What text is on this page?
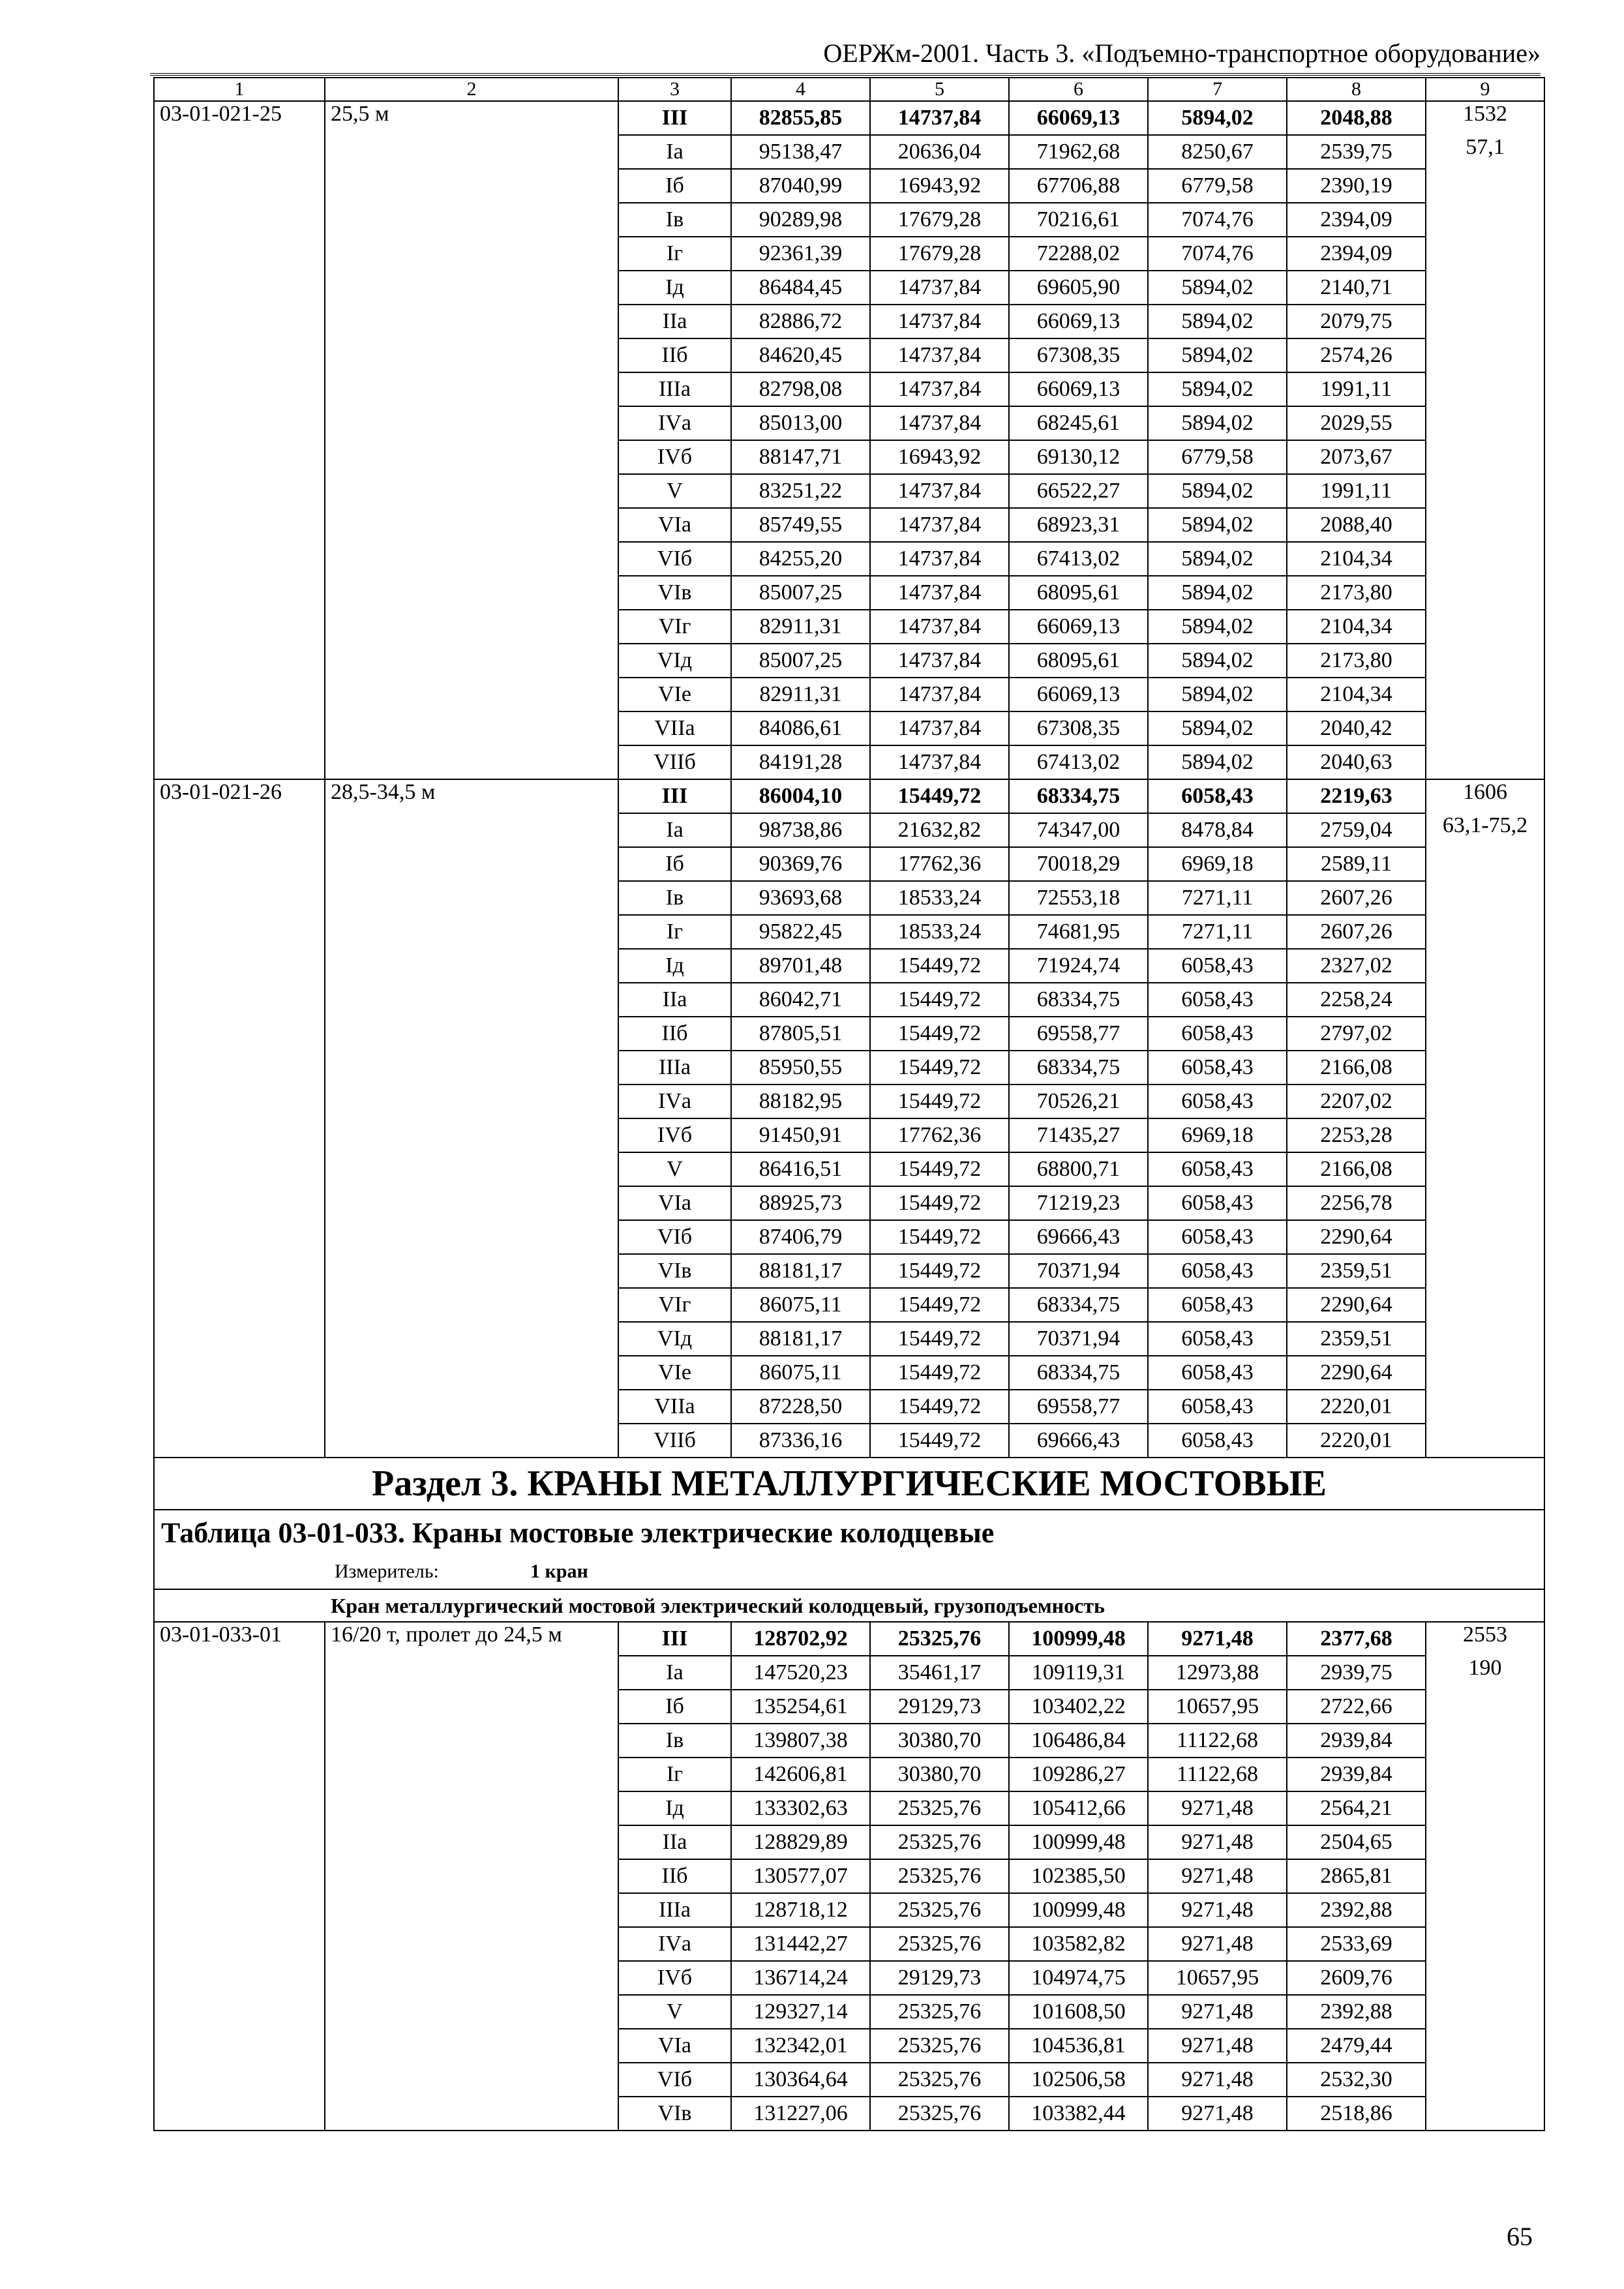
ОЕРЖм-2001. Часть 3. «Подъемно-транспортное оборудование»
1	2	3	4	5	6	7	8	9
03-01-021-25	25,5 м	III	82855,85	14737,84	66069,13	5894,02	2048,88	1532
		Iа	95138,47	20636,04	71962,68	8250,67	2539,75	57,1
		Iб	87040,99	16943,92	67706,88	6779,58	2390,19	
		Iв	90289,98	17679,28	70216,61	7074,76	2394,09	
		Iг	92361,39	17679,28	72288,02	7074,76	2394,09	
		Iд	86484,45	14737,84	69605,90	5894,02	2140,71	
		IIа	82886,72	14737,84	66069,13	5894,02	2079,75	
		IIб	84620,45	14737,84	67308,35	5894,02	2574,26	
		IIIа	82798,08	14737,84	66069,13	5894,02	1991,11	
		IVа	85013,00	14737,84	68245,61	5894,02	2029,55	
		IVб	88147,71	16943,92	69130,12	6779,58	2073,67	
		V	83251,22	14737,84	66522,27	5894,02	1991,11	
		VIа	85749,55	14737,84	68923,31	5894,02	2088,40	
		VIб	84255,20	14737,84	67413,02	5894,02	2104,34	
		VIв	85007,25	14737,84	68095,61	5894,02	2173,80	
		VIг	82911,31	14737,84	66069,13	5894,02	2104,34	
		VIд	85007,25	14737,84	68095,61	5894,02	2173,80	
		VIе	82911,31	14737,84	66069,13	5894,02	2104,34	
		VIIа	84086,61	14737,84	67308,35	5894,02	2040,42	
		VIIб	84191,28	14737,84	67413,02	5894,02	2040,63	
03-01-021-26	28,5-34,5 м	III	86004,10	15449,72	68334,75	6058,43	2219,63	1606
		Iа	98738,86	21632,82	74347,00	8478,84	2759,04	63,1-75,2
		Iб	90369,76	17762,36	70018,29	6969,18	2589,11	
		Iв	93693,68	18533,24	72553,18	7271,11	2607,26	
		Iг	95822,45	18533,24	74681,95	7271,11	2607,26	
		Iд	89701,48	15449,72	71924,74	6058,43	2327,02	
		IIа	86042,71	15449,72	68334,75	6058,43	2258,24	
		IIб	87805,51	15449,72	69558,77	6058,43	2797,02	
		IIIа	85950,55	15449,72	68334,75	6058,43	2166,08	
		IVа	88182,95	15449,72	70526,21	6058,43	2207,02	
		IVб	91450,91	17762,36	71435,27	6969,18	2253,28	
		V	86416,51	15449,72	68800,71	6058,43	2166,08	
		VIа	88925,73	15449,72	71219,23	6058,43	2256,78	
		VIб	87406,79	15449,72	69666,43	6058,43	2290,64	
		VIв	88181,17	15449,72	70371,94	6058,43	2359,51	
		VIг	86075,11	15449,72	68334,75	6058,43	2290,64	
		VIд	88181,17	15449,72	70371,94	6058,43	2359,51	
		VIе	86075,11	15449,72	68334,75	6058,43	2290,64	
		VIIа	87228,50	15449,72	69558,77	6058,43	2220,01	
		VIIб	87336,16	15449,72	69666,43	6058,43	2220,01	
Раздел 3. КРАНЫ МЕТАЛЛУРГИЧЕСКИЕ МОСТОВЫЕ								
Таблица 03-01-033. Краны мостовые электрические колодцевые								
Измеритель: 1 кран								
Кран металлургический мостовой электрический колодцевый, грузоподъемность								
03-01-033-01	16/20 т, пролет до 24,5 м	III	128702,92	25325,76	100999,48	9271,48	2377,68	2553
		Iа	147520,23	35461,17	109119,31	12973,88	2939,75	190
		Iб	135254,61	29129,73	103402,22	10657,95	2722,66	
		Iв	139807,38	30380,70	106486,84	11122,68	2939,84	
		Iг	142606,81	30380,70	109286,27	11122,68	2939,84	
		Iд	133302,63	25325,76	105412,66	9271,48	2564,21	
		IIа	128829,89	25325,76	100999,48	9271,48	2504,65	
		IIб	130577,07	25325,76	102385,50	9271,48	2865,81	
		IIIа	128718,12	25325,76	100999,48	9271,48	2392,88	
		IVа	131442,27	25325,76	103582,82	9271,48	2533,69	
		IVб	136714,24	29129,73	104974,75	10657,95	2609,76	
		V	129327,14	25325,76	101608,50	9271,48	2392,88	
		VIа	132342,01	25325,76	104536,81	9271,48	2479,44	
		VIб	130364,64	25325,76	102506,58	9271,48	2532,30	
		VIв	131227,06	25325,76	103382,44	9271,48	2518,86	
65
